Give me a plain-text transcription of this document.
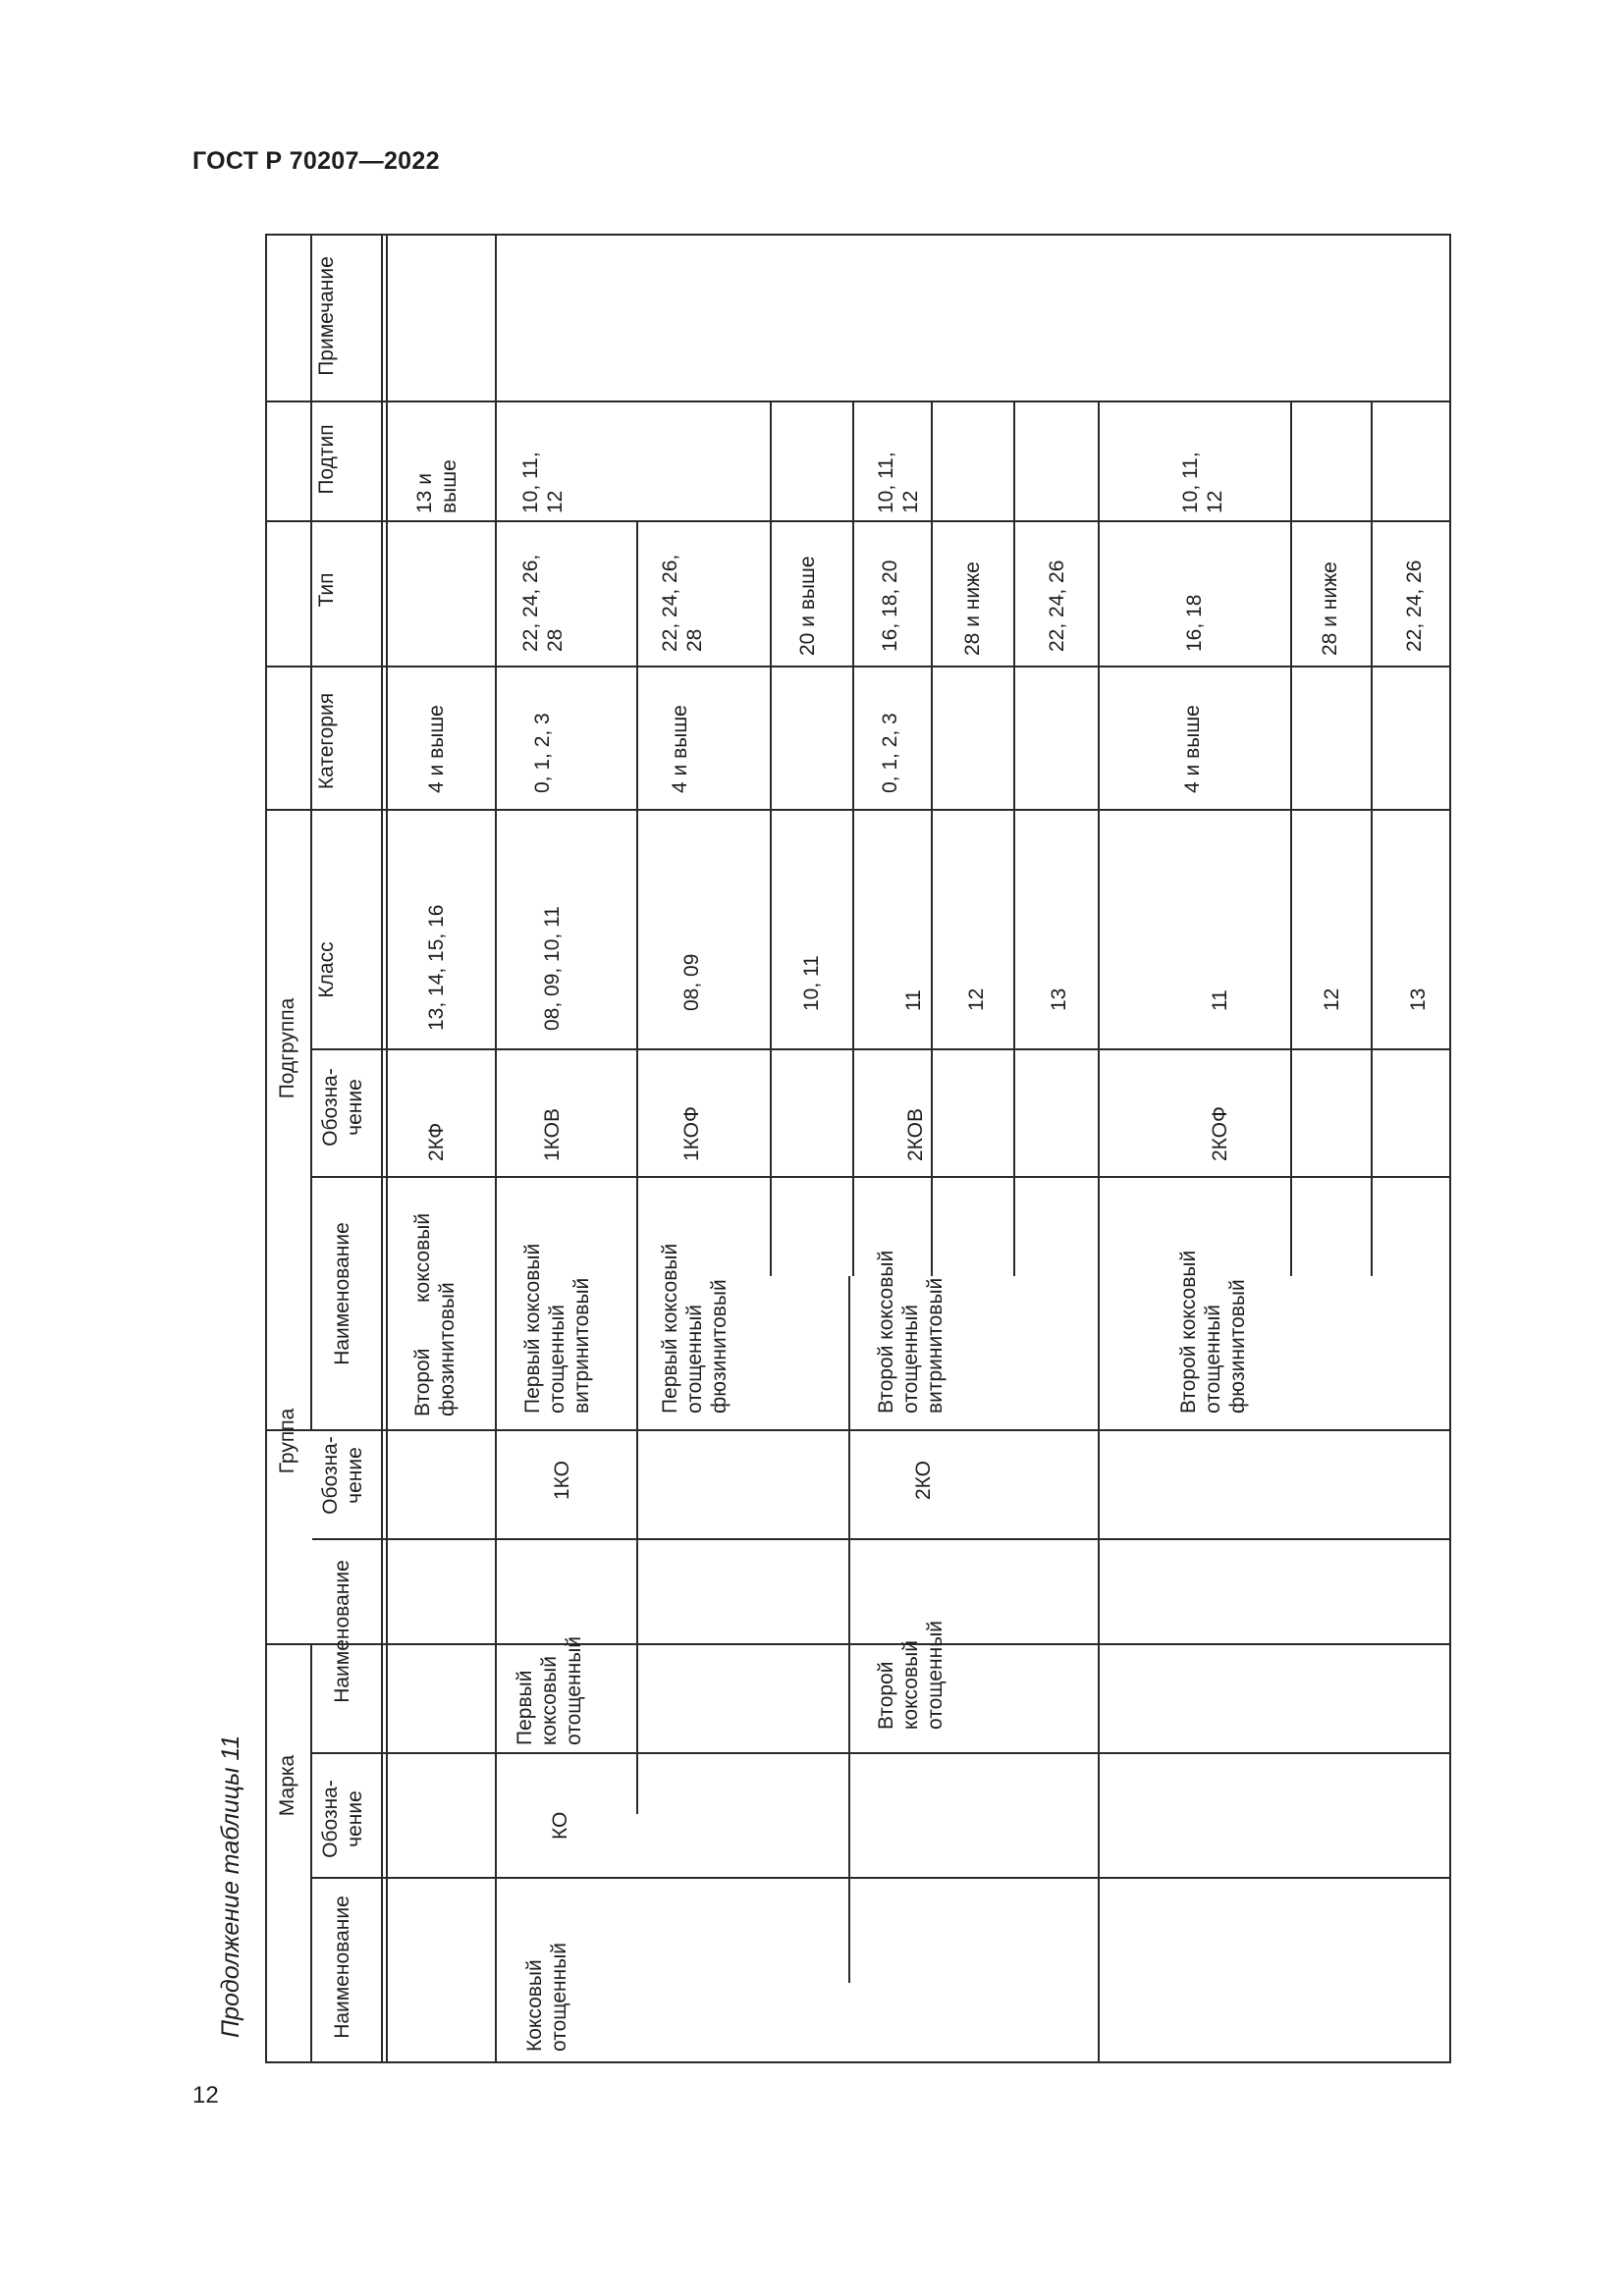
ГОСТ Р 70207—2022
Продолжение таблицы 11
12
Марка
Группа
Подгруппа
Класс
Категория
Тип
Подтип
Примечание
Наименование
Обозна-
чение
Наименование
Обозна-
чение
Наименование
Обозна-
чение
Второй        коксовый
фюзинитовый
2КФ
13, 14, 15, 16
4 и выше
13 и
выше
Коксовый
отощенный
КО
Первый
коксовый
отощенный
1КО
Первый коксовый
отощенный
витринитовый
1КОВ
08, 09, 10, 11
0, 1, 2, 3
22, 24, 26,
28
10, 11,
12
Первый коксовый
отощенный
фюзинитовый
1КОФ
08, 09
4 и выше
22, 24, 26,
28
10, 11
20 и выше
Второй
коксовый
отощенный
2КО
Второй коксовый
отощенный
витринитовый
2КОВ
11
0, 1, 2, 3
16, 18, 20
10, 11,
12
12
28 и ниже
13
22, 24, 26
Второй коксовый
отощенный
фюзинитовый
2КОФ
11
4 и выше
16, 18
10, 11,
12
12
28 и ниже
13
22, 24, 26
